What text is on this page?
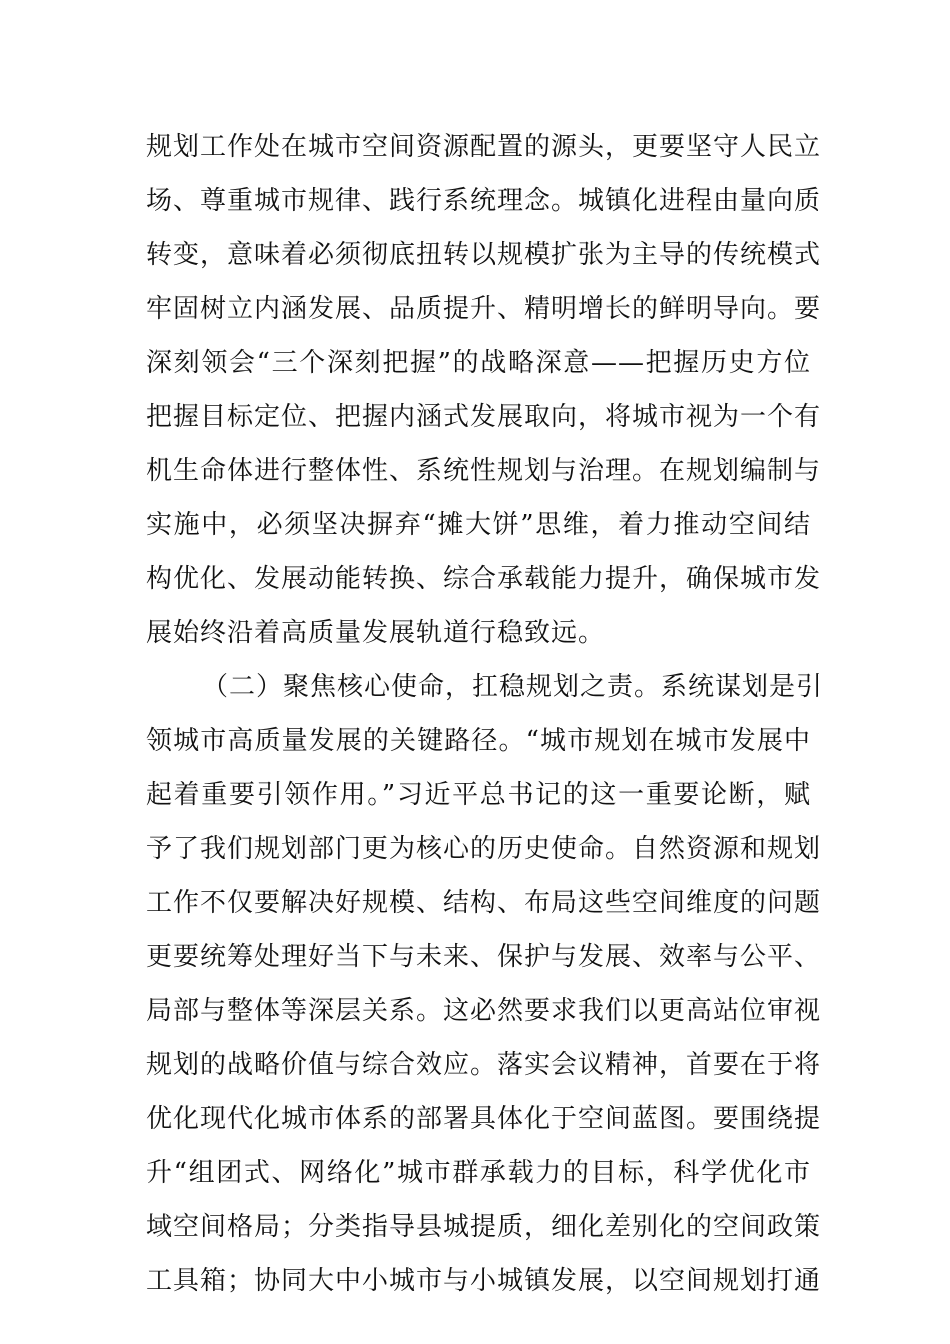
规划工作处在城市空间资源配置的源头，更要坚守人民立
场、尊重城市规律、践行系统理念。城镇化进程由量向质
转变，意味着必须彻底扭转以规模扩张为主导的传统模式
牢固树立内涵发展、品质提升、精明增长的鲜明导向。要
深刻领会“三个深刻把握”的战略深意——把握历史方位
把握目标定位、把握内涵式发展取向，将城市视为一个有
机生命体进行整体性、系统性规划与治理。在规划编制与
实施中，必须坚决摒弃“摊大饼”思维，着力推动空间结
构优化、发展动能转换、综合承载能力提升，确保城市发
展始终沿着高质量发展轨道行稳致远。
（二）聚焦核心使命，扛稳规划之责。系统谋划是引
领城市高质量发展的关键路径。“城市规划在城市发展中
起着重要引领作用。”习近平总书记的这一重要论断，赋
予了我们规划部门更为核心的历史使命。自然资源和规划
工作不仅要解决好规模、结构、布局这些空间维度的问题
更要统筹处理好当下与未来、保护与发展、效率与公平、
局部与整体等深层关系。这必然要求我们以更高站位审视
规划的战略价值与综合效应。落实会议精神，首要在于将
优化现代化城市体系的部署具体化于空间蓝图。要围绕提
升“组团式、网络化”城市群承载力的目标，科学优化市
域空间格局；分类指导县城提质，细化差别化的空间政策
工具箱；协同大中小城市与小城镇发展，以空间规划打通
